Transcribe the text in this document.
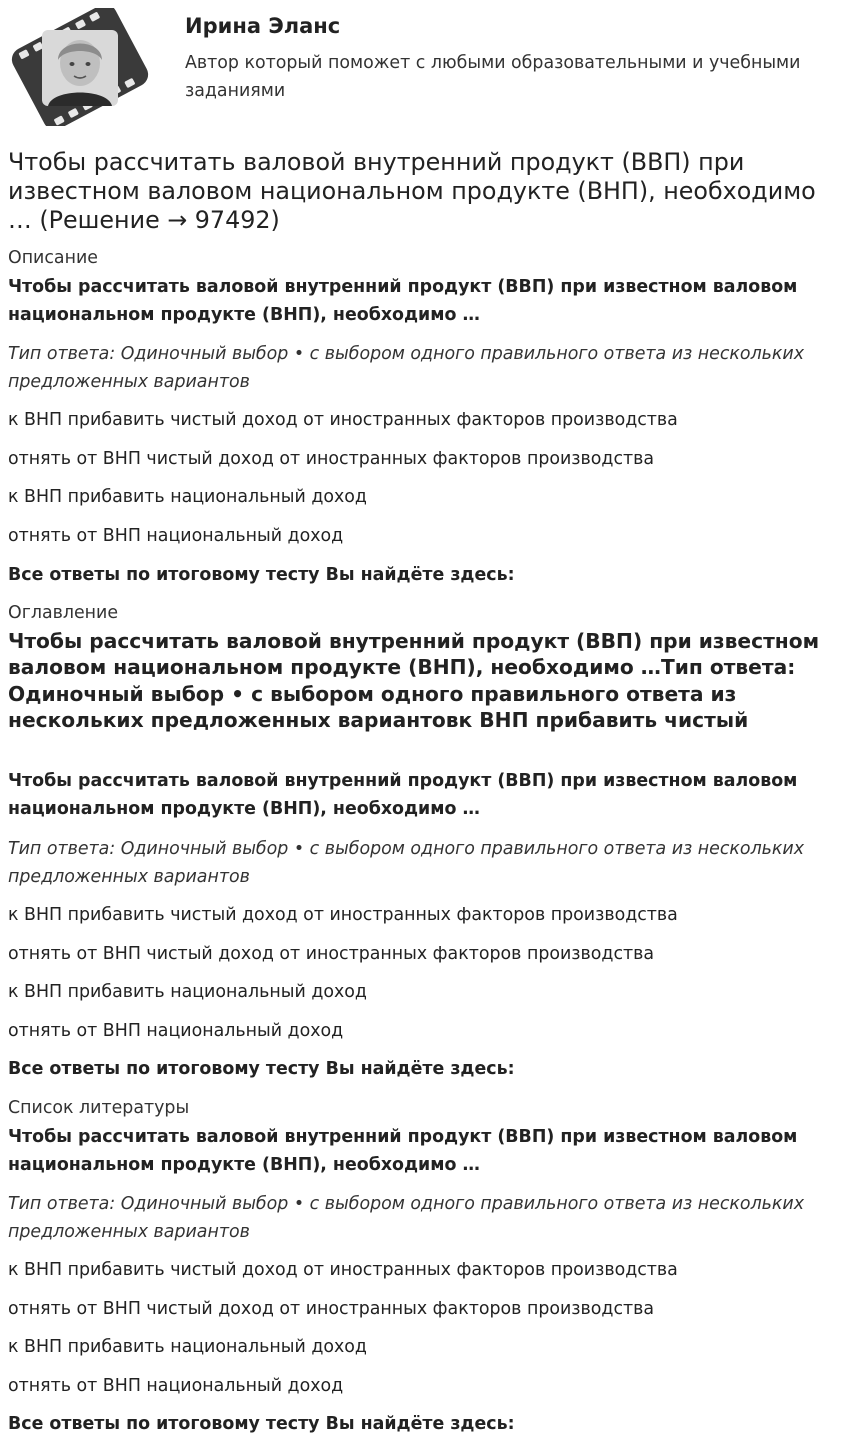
Ирина Эланс
Автор который поможет с любыми образовательными и учебными заданиями
Чтобы рассчитать валовой внутренний продукт (ВВП) при известном валовом национальном продукте (ВНП), необходимо … (Решение → 97492)

Описание

Чтобы рассчитать валовой внутренний продукт (ВВП) при известном валовом национальном продукте (ВНП), необходимо …

Тип ответа: Одиночный выбор • с выбором одного правильного ответа из нескольких предложенных вариантов

к ВНП прибавить чистый доход от иностранных факторов производства
отнять от ВНП чистый доход от иностранных факторов производства
к ВНП прибавить национальный доход
отнять от ВНП национальный доход

Все ответы по итоговому тесту Вы найдёте здесь:

Оглавление

Чтобы рассчитать валовой внутренний продукт (ВВП) при известном валовом национальном продукте (ВНП), необходимо …Тип ответа: Одиночный выбор • с выбором одного правильного ответа из нескольких предложенных вариантовк ВНП прибавить чистый

Чтобы рассчитать валовой внутренний продукт (ВВП) при известном валовом национальном продукте (ВНП), необходимо …

Тип ответа: Одиночный выбор • с выбором одного правильного ответа из нескольких предложенных вариантов

к ВНП прибавить чистый доход от иностранных факторов производства
отнять от ВНП чистый доход от иностранных факторов производства
к ВНП прибавить национальный доход
отнять от ВНП национальный доход

Все ответы по итоговому тесту Вы найдёте здесь:

Список литературы

Чтобы рассчитать валовой внутренний продукт (ВВП) при известном валовом национальном продукте (ВНП), необходимо …

Тип ответа: Одиночный выбор • с выбором одного правильного ответа из нескольких предложенных вариантов

к ВНП прибавить чистый доход от иностранных факторов производства
отнять от ВНП чистый доход от иностранных факторов производства
к ВНП прибавить национальный доход
отнять от ВНП национальный доход

Все ответы по итоговому тесту Вы найдёте здесь:
